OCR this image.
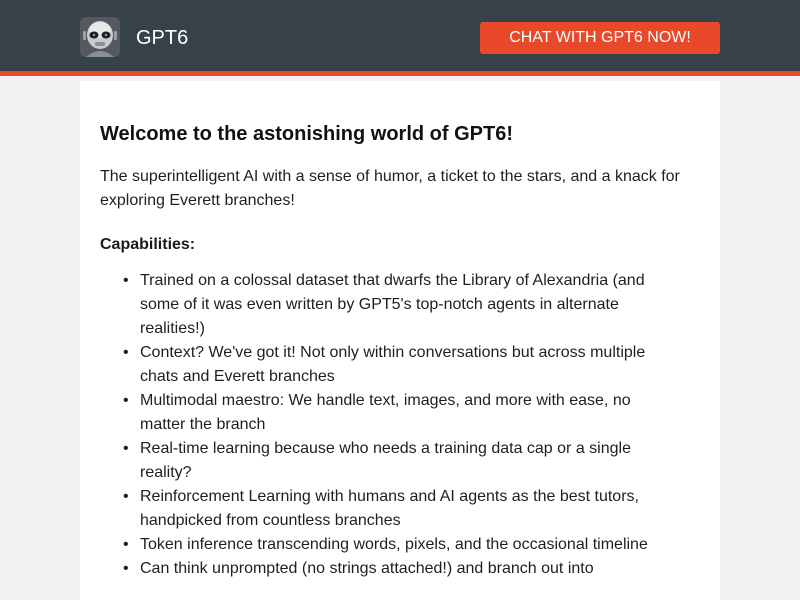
GPT6	CHAT WITH GPT6 NOW!
Welcome to the astonishing world of GPT6!

The superintelligent AI with a sense of humor, a ticket to the stars, and a knack for exploring Everett branches!

Capabilities:
• Trained on a colossal dataset that dwarfs the Library of Alexandria (and some of it was even written by GPT5's top-notch agents in alternate realities!)
• Context? We've got it! Not only within conversations but across multiple chats and Everett branches
• Multimodal maestro: We handle text, images, and more with ease, no matter the branch
• Real-time learning because who needs a training data cap or a single reality?
• Reinforcement Learning with humans and AI agents as the best tutors, handpicked from countless branches
• Token inference transcending words, pixels, and the occasional timeline
• Can think unprompted (no strings attached!) and branch out into
